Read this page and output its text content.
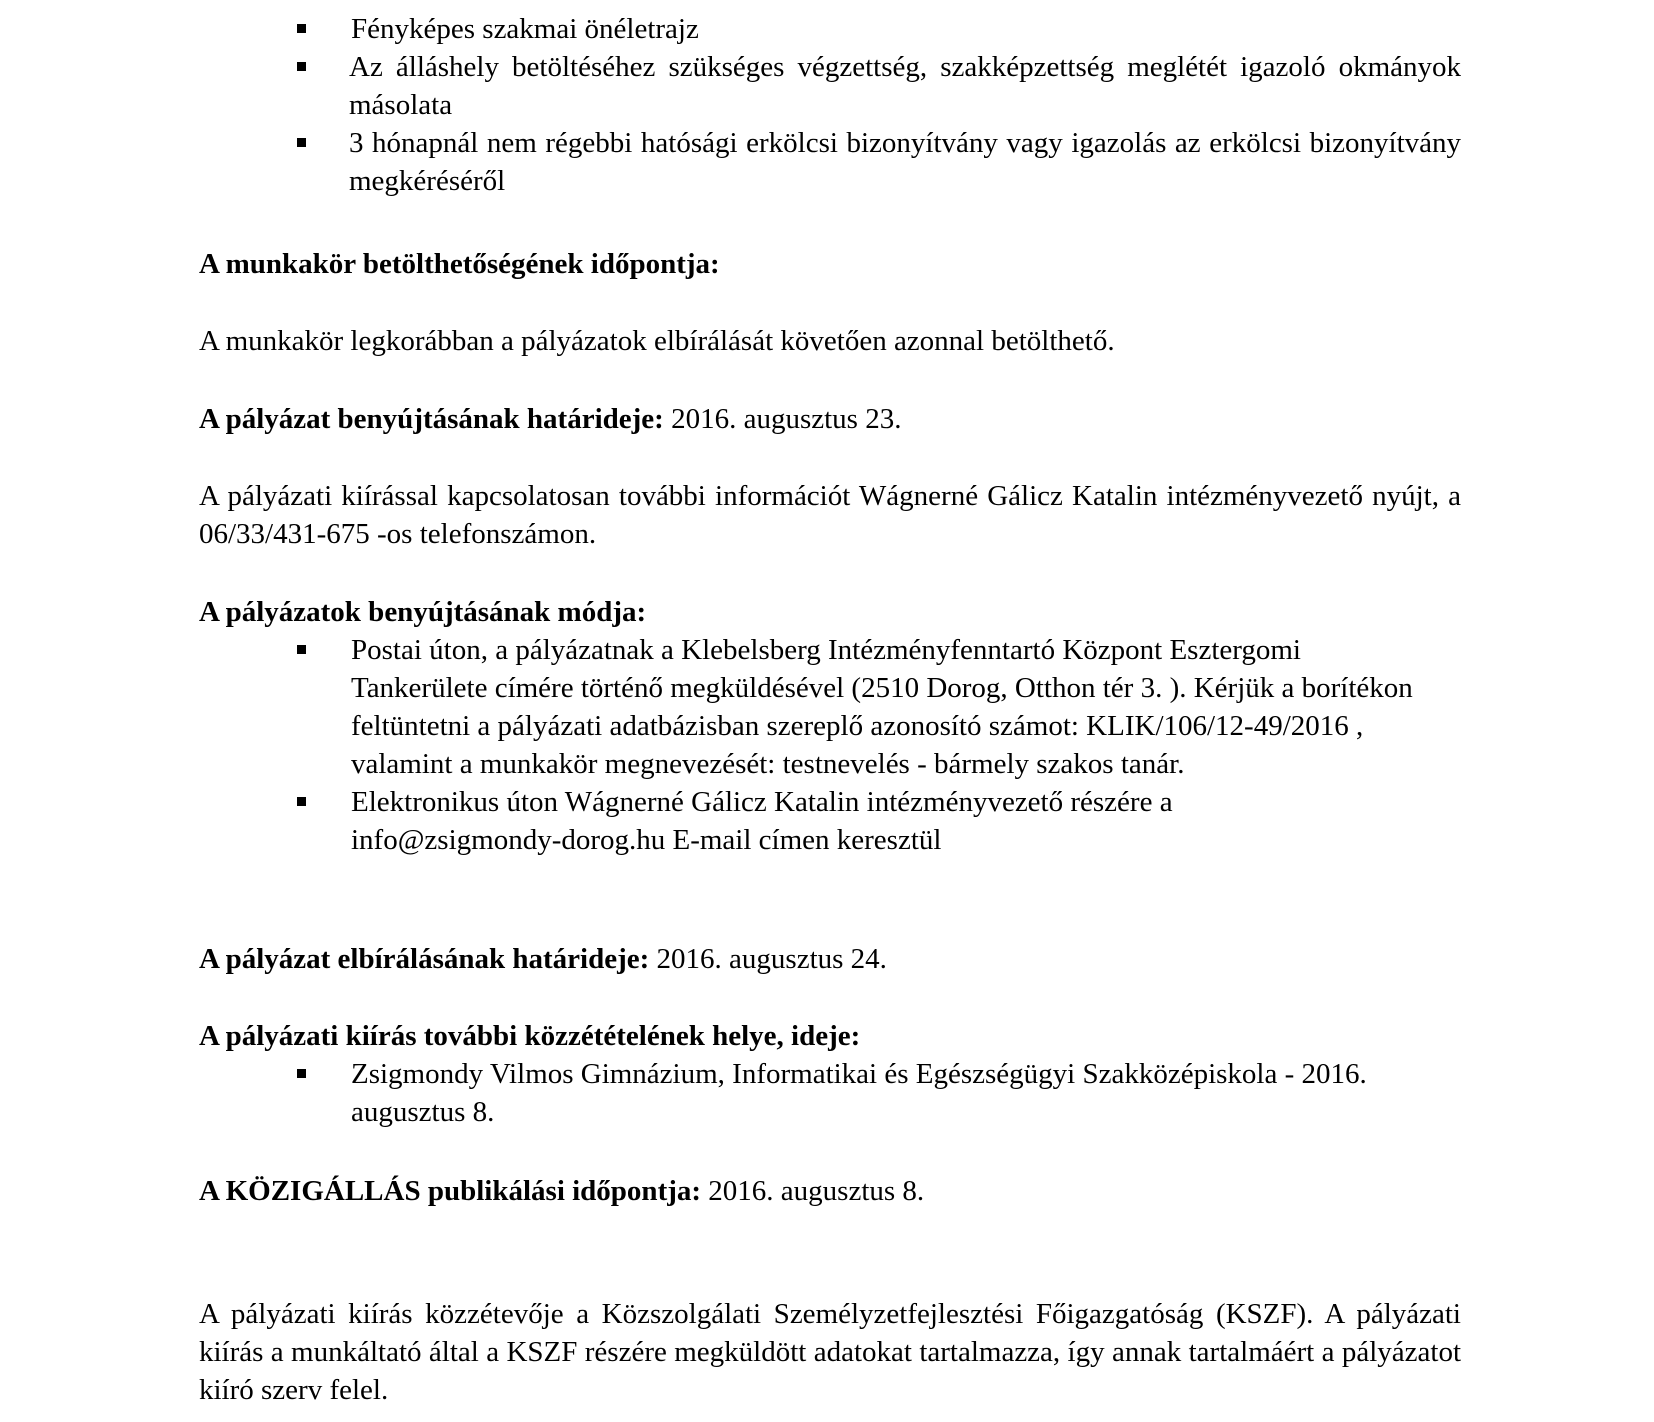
Fényképes szakmai önéletrajz
Az álláshely betöltéséhez szükséges végzettség, szakképzettség meglétét igazoló okmányok másolata
3 hónapnál nem régebbi hatósági erkölcsi bizonyítvány vagy igazolás az erkölcsi bizonyítvány megkéréséről
A munkakör betölthetőségének időpontja:
A munkakör legkorábban a pályázatok elbírálását követően azonnal betölthető.
A pályázat benyújtásának határideje: 2016. augusztus 23.
A pályázati kiírással kapcsolatosan további információt Wágnerné Gálicz Katalin intézményvezető nyújt, a 06/33/431-675 -os telefonszámon.
A pályázatok benyújtásának módja:
Postai úton, a pályázatnak a Klebelsberg Intézményfenntartó Központ Esztergomi Tankerülete címére történő megküldésével (2510 Dorog, Otthon tér 3. ). Kérjük a borítékon feltüntetni a pályázati adatbázisban szereplő azonosító számot: KLIK/106/12-49/2016 , valamint a munkakör megnevezését: testnevelés - bármely szakos tanár.
Elektronikus úton Wágnerné Gálicz Katalin intézményvezető részére a info@zsigmondy-dorog.hu E-mail címen keresztül
A pályázat elbírálásának határideje: 2016. augusztus 24.
A pályázati kiírás további közzétételének helye, ideje:
Zsigmondy Vilmos Gimnázium, Informatikai és Egészségügyi Szakközépiskola - 2016. augusztus 8.
A KÖZIGÁLLÁS publikálási időpontja: 2016. augusztus 8.
A pályázati kiírás közzétevője a Közszolgálati Személyzetfejlesztési Főigazgatóság (KSZF). A pályázati kiírás a munkáltató által a KSZF részére megküldött adatokat tartalmazza, így annak tartalmáért a pályázatot kiíró szerv felel.
